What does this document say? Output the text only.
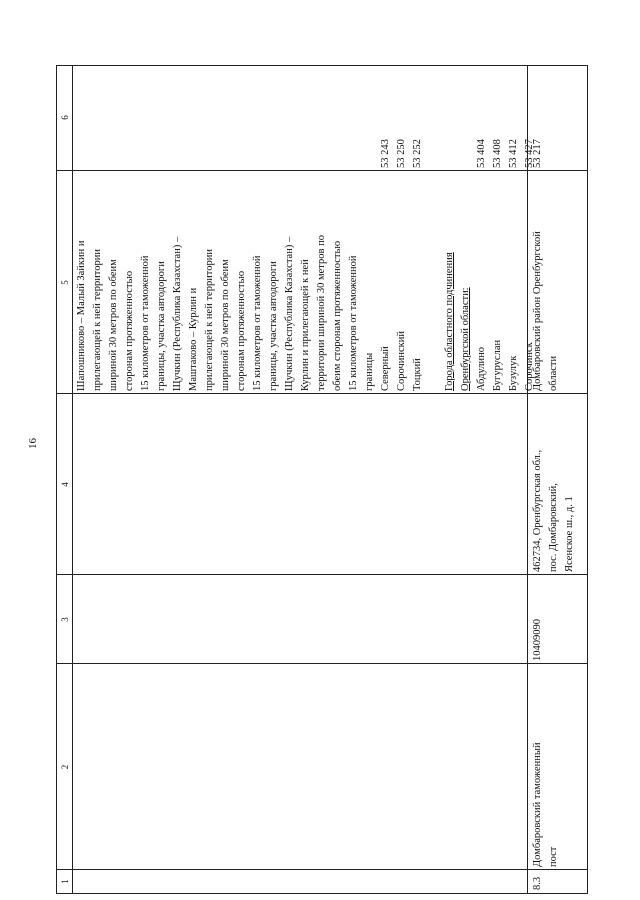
16
1
2
3
4
5
6
Шапошниково – Малый Зайкин и прилегающей к ней территории шириной 30 метров по обеим сторонам протяженностью 15 километров от таможенной границы, участка автодороги Щучкин (Республика Казахстан) – Маштаково – Курлин и прилегающей к ней территории шириной 30 метров по обеим сторонам протяженностью 15 километров от таможенной границы, участка автодороги Щучкин (Республика Казахстан) – Курлин и прилегающей к ней территории шириной 30 метров по обеим сторонам протяженностью 15 километров от таможенной границы Северный Сорочинский Тоцкий Города областного подчинения Оренбургской области: Абдулино Бугуруслан Бузулук Сорочинск
53 243 53 250 53 252	53 404 53 408 53 412 53 427
8.3
Домбаровский таможенный пост
10409090
462734, Оренбургская обл., пос. Домбаровский, Ясенское ш., д. 1
Домбаровский район Оренбургской области
53 217
